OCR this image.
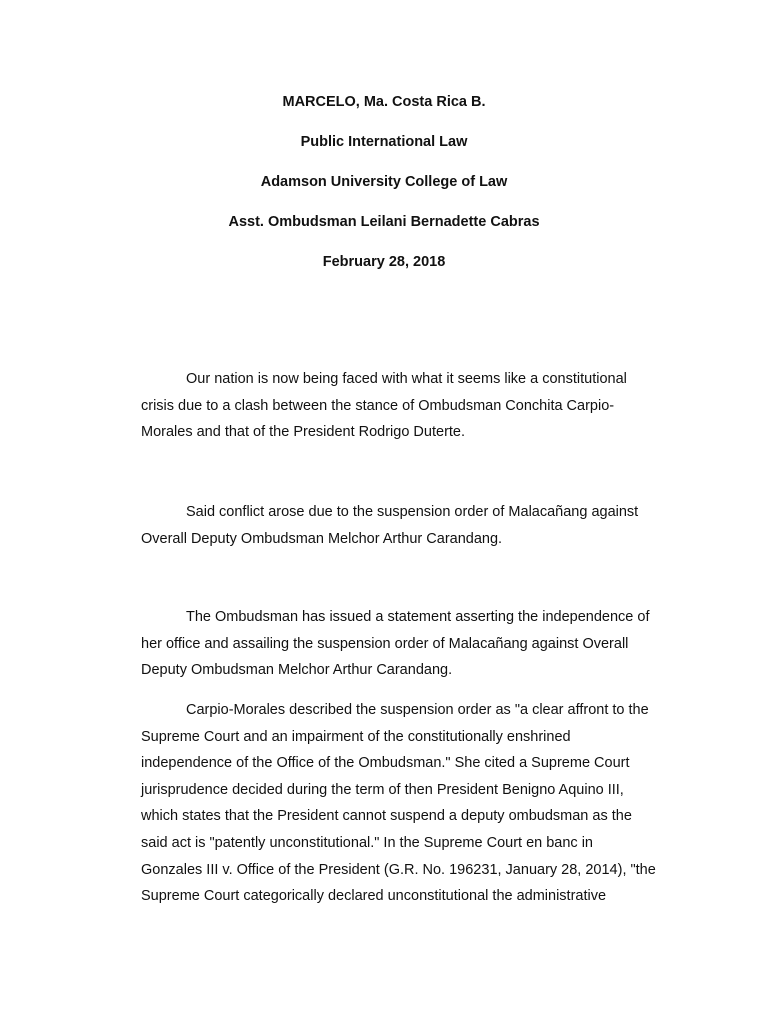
MARCELO, Ma. Costa Rica B.
Public International Law
Adamson University College of Law
Asst. Ombudsman Leilani Bernadette Cabras
February 28, 2018
Our nation is now being faced with what it seems like a constitutional
crisis due to a clash between the stance of Ombudsman Conchita Carpio-
Morales and that of the President Rodrigo Duterte.
Said conflict arose due to the suspension order of Malacañang against
Overall Deputy Ombudsman Melchor Arthur Carandang.
The Ombudsman has issued a statement asserting the independence of
her office and assailing the suspension order of Malacañang against Overall
Deputy Ombudsman Melchor Arthur Carandang.
Carpio-Morales described the suspension order as "a clear affront to the
Supreme Court and an impairment of the constitutionally enshrined
independence of the Office of the Ombudsman." She cited a Supreme Court
jurisprudence decided during the term of then President Benigno Aquino III,
which states that the President cannot suspend a deputy ombudsman as the
said act is "patently unconstitutional." In the Supreme Court en banc in
Gonzales III v. Office of the President (G.R. No. 196231, January 28, 2014), "the
Supreme Court categorically declared unconstitutional the administrative
